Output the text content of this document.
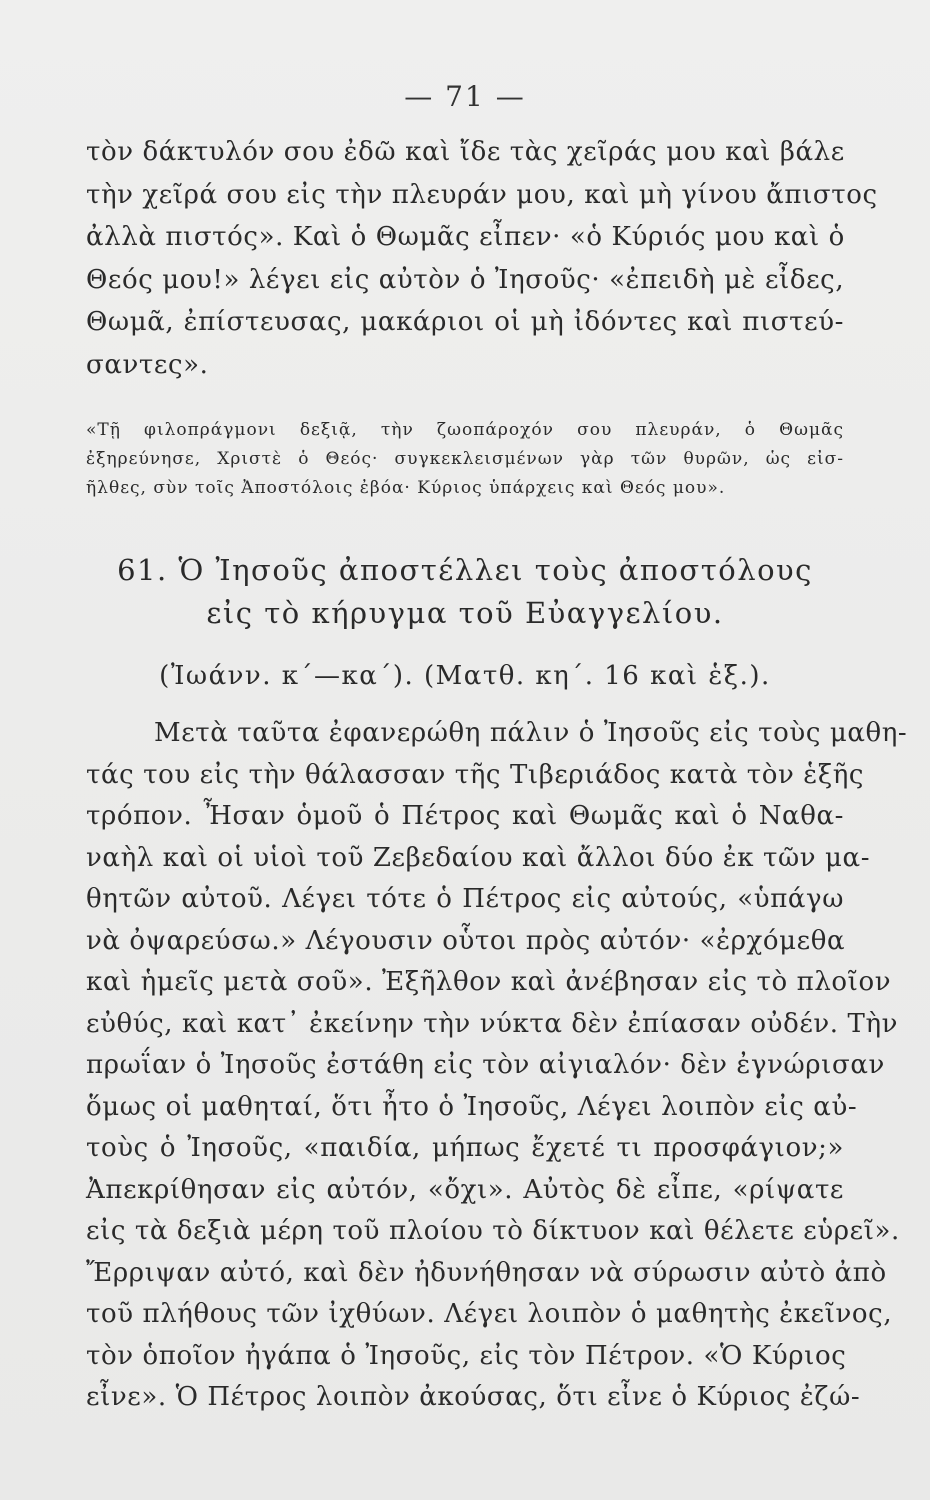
— 71 —
τὸν δάκτυλόν σου ἐδῶ καὶ ἴδε τὰς χεῖράς μου καὶ βάλε
τὴν χεῖρά σου εἰς τὴν πλευράν μου, καὶ μὴ γίνου ἄπιστος
ἀλλὰ πιστός». Καὶ ὁ Θωμᾶς εἶπεν· «ὁ Κύριός μου καὶ ὁ
Θεός μου!» λέγει εἰς αὐτὸν ὁ Ἰησοῦς· «ἐπειδὴ μὲ εἶδες,
Θωμᾶ, ἐπίστευσας, μακάριοι οἱ μὴ ἰδόντες καὶ πιστεύ-
σαντες».
«Τῇ φιλοπράγμονι δεξιᾷ, τὴν ζωοπάροχόν σου πλευράν, ὁ Θωμᾶς
ἐξηρεύνησε, Χριστὲ ὁ Θεός· συγκεκλεισμένων γὰρ τῶν θυρῶν, ὡς εἰσ-
ῆλθες, σὺν τοῖς Ἀποστόλοις ἐβόα· Κύριος ὑπάρχεις καὶ Θεός μου».
61. Ὁ Ἰησοῦς ἀποστέλλει τοὺς ἀποστόλους
εἰς τὸ κήρυγμα τοῦ Εὐαγγελίου.
(Ἰωάνν. κ΄—κα΄). (Ματθ. κη΄. 16 καὶ ἑξ.).
Μετὰ ταῦτα ἐφανερώθη πάλιν ὁ Ἰησοῦς εἰς τοὺς μαθη-
τάς του εἰς τὴν θάλασσαν τῆς Τιβεριάδος κατὰ τὸν ἑξῆς
τρόπον. Ἦσαν ὁμοῦ ὁ Πέτρος καὶ Θωμᾶς καὶ ὁ Ναθα-
ναὴλ καὶ οἱ υἱοὶ τοῦ Ζεβεδαίου καὶ ἄλλοι δύο ἐκ τῶν μα-
θητῶν αὐτοῦ. Λέγει τότε ὁ Πέτρος εἰς αὐτούς, «ὑπάγω
νὰ ὀψαρεύσω.» Λέγουσιν οὗτοι πρὸς αὐτόν· «ἐρχόμεθα
καὶ ἡμεῖς μετὰ σοῦ». Ἐξῆλθον καὶ ἀνέβησαν εἰς τὸ πλοῖον
εὐθύς, καὶ κατ᾽ ἐκείνην τὴν νύκτα δὲν ἐπίασαν οὐδέν. Τὴν
πρωΐαν ὁ Ἰησοῦς ἐστάθη εἰς τὸν αἰγιαλόν· δὲν ἐγνώρισαν
ὅμως οἱ μαθηταί, ὅτι ἦτο ὁ Ἰησοῦς, Λέγει λοιπὸν εἰς αὐ-
τοὺς ὁ Ἰησοῦς, «παιδία, μήπως ἔχετέ τι προσφάγιον;»
Ἀπεκρίθησαν εἰς αὐτόν, «ὄχι». Αὐτὸς δὲ εἶπε, «ρίψατε
εἰς τὰ δεξιὰ μέρη τοῦ πλοίου τὸ δίκτυον καὶ θέλετε εὑρεῖ».
Ἔρριψαν αὐτό, καὶ δὲν ἠδυνήθησαν νὰ σύρωσιν αὐτὸ ἀπὸ
τοῦ πλήθους τῶν ἰχθύων. Λέγει λοιπὸν ὁ μαθητὴς ἐκεῖνος,
τὸν ὁποῖον ἠγάπα ὁ Ἰησοῦς, εἰς τὸν Πέτρον. «Ὁ Κύριος
εἶνε». Ὁ Πέτρος λοιπὸν ἀκούσας, ὅτι εἶνε ὁ Κύριος ἐζώ-
